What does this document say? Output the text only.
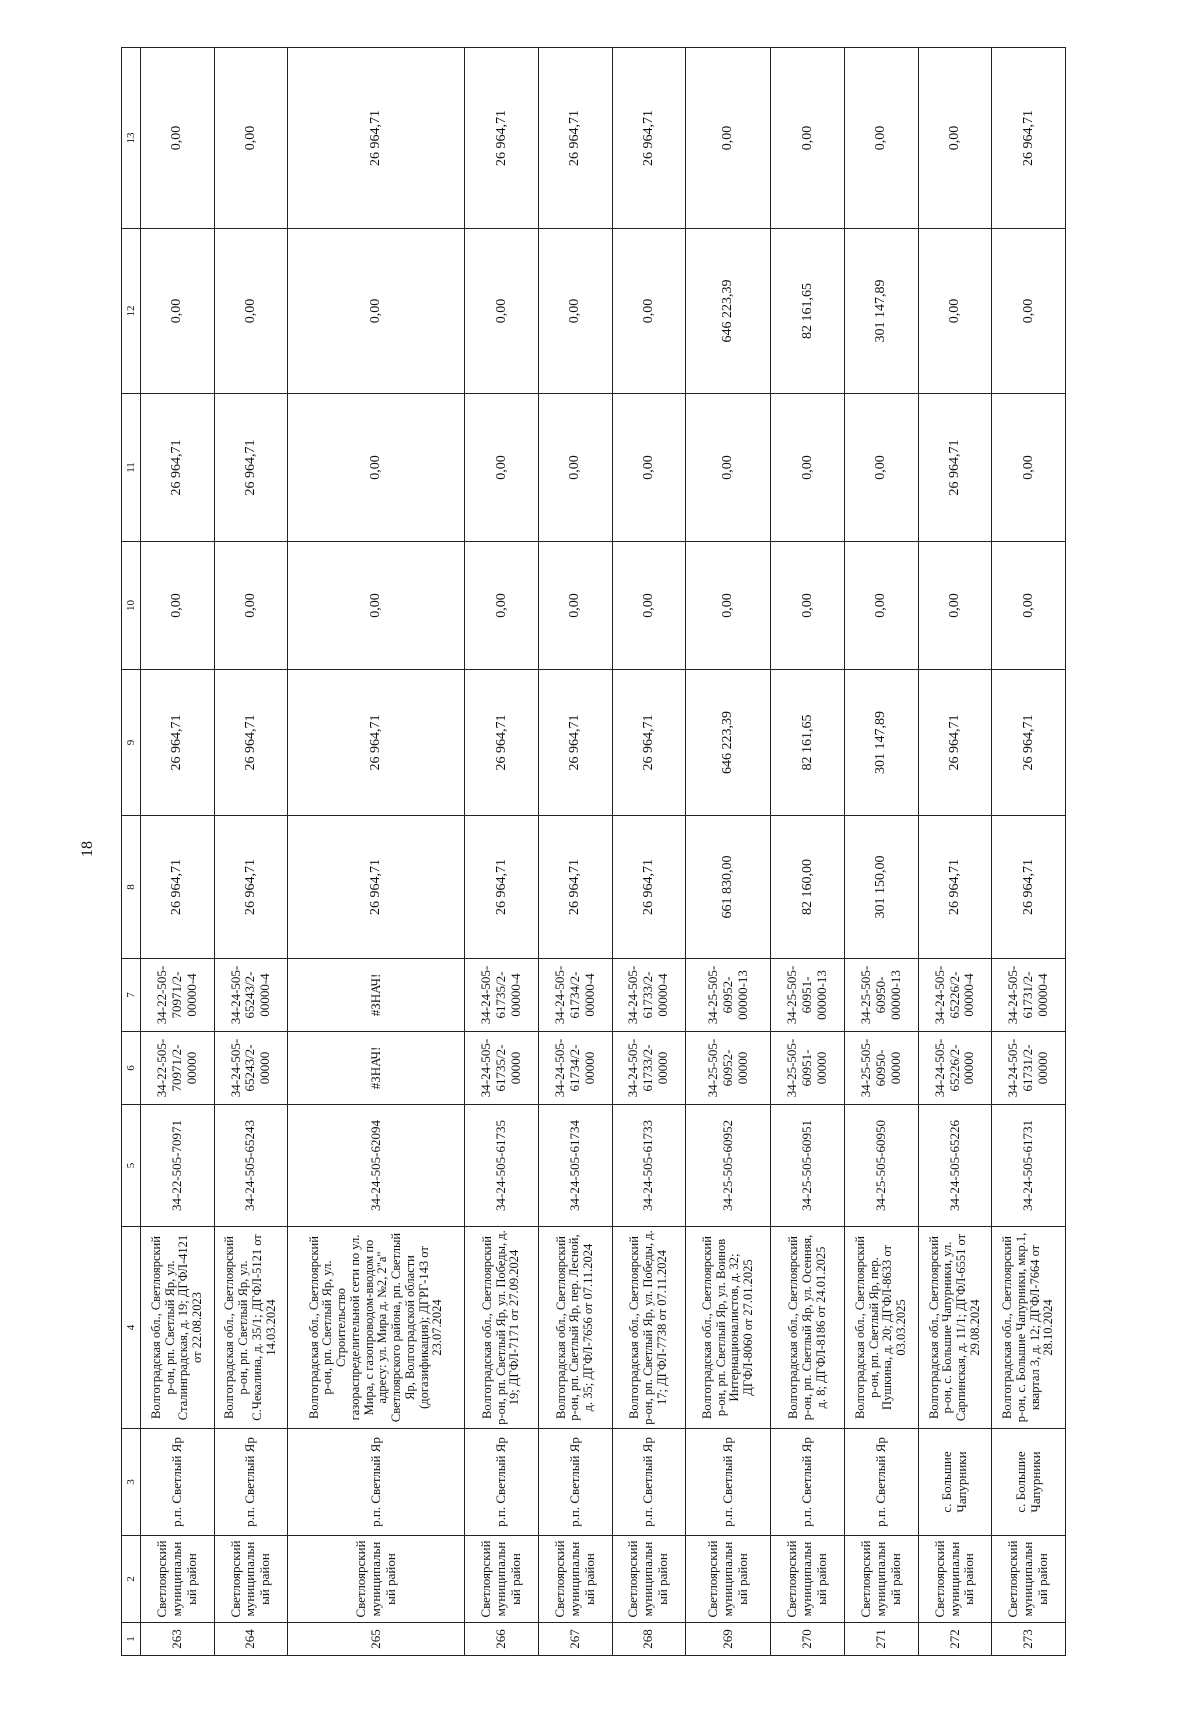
18
1	2	3	4	5	6	7	8	9	10	11	12	13
263	Светлоярский муниципальный район	р.п. Светлый Яр	Волгоградская обл., Светлоярский р-он, рп. Светлый Яр, ул. Сталинградская, д. 19; ДГФЛ-4121 от 22.08.2023	34-22-505-70971	34-22-505-70971/2-00000	34-22-505-70971/2-00000-4	26 964,71	26 964,71	0,00	26 964,71	0,00	0,00
264	Светлоярский муниципальный район	р.п. Светлый Яр	Волгоградская обл., Светлоярский р-он, рп. Светлый Яр, ул. С.Чекалина, д. 35/1; ДГФЛ-5121 от 14.03.2024	34-24-505-65243	34-24-505-65243/2-00000	34-24-505-65243/2-00000-4	26 964,71	26 964,71	0,00	26 964,71	0,00	0,00
265	Светлоярский муниципальный район	р.п. Светлый Яр	Волгоградская обл., Светлоярский р-он, рп. Светлый Яр, ул. Строительство газораспределительной сети по ул. Мира, с газопроводом-вводом по адресу: ул. Мира д. №2, 2"а" Светлоярского района, рп. Светлый Яр, Волгоградской области (догазификация); ДГРГ-143 от 23.07.2024	34-24-505-62094	#ЗНАЧ!	#ЗНАЧ!	26 964,71	26 964,71	0,00	0,00	0,00	26 964,71
266	Светлоярский муниципальный район	р.п. Светлый Яр	Волгоградская обл., Светлоярский р-он, рп. Светлый Яр, ул. Победы, д. 19; ДГФЛ-7171 от 27.09.2024	34-24-505-61735	34-24-505-61735/2-00000	34-24-505-61735/2-00000-4	26 964,71	26 964,71	0,00	0,00	0,00	26 964,71
267	Светлоярский муниципальный район	р.п. Светлый Яр	Волгоградская обл., Светлоярский р-он, рп. Светлый Яр, пер. Лесной, д. 35; ДГФЛ-7656 от 07.11.2024	34-24-505-61734	34-24-505-61734/2-00000	34-24-505-61734/2-00000-4	26 964,71	26 964,71	0,00	0,00	0,00	26 964,71
268	Светлоярский муниципальный район	р.п. Светлый Яр	Волгоградская обл., Светлоярский р-он, рп. Светлый Яр, ул. Победы, д. 17; ДГФЛ-7738 от 07.11.2024	34-24-505-61733	34-24-505-61733/2-00000	34-24-505-61733/2-00000-4	26 964,71	26 964,71	0,00	0,00	0,00	26 964,71
269	Светлоярский муниципальный район	р.п. Светлый Яр	Волгоградская обл., Светлоярский р-он, рп. Светлый Яр, ул. Воинов Интернационалистов, д. 32; ДГФЛ-8060 от 27.01.2025	34-25-505-60952	34-25-505-60952-00000	34-25-505-60952-00000-13	661 830,00	646 223,39	0,00	0,00	646 223,39	0,00
270	Светлоярский муниципальный район	р.п. Светлый Яр	Волгоградская обл., Светлоярский р-он, рп. Светлый Яр, ул. Осенняя, д. 8; ДГФЛ-8186 от 24.01.2025	34-25-505-60951	34-25-505-60951-00000	34-25-505-60951-00000-13	82 160,00	82 161,65	0,00	0,00	82 161,65	0,00
271	Светлоярский муниципальный район	р.п. Светлый Яр	Волгоградская обл., Светлоярский р-он, рп. Светлый Яр, пер. Пушкина, д. 20; ДГФЛ-8633 от 03.03.2025	34-25-505-60950	34-25-505-60950-00000	34-25-505-60950-00000-13	301 150,00	301 147,89	0,00	0,00	301 147,89	0,00
272	Светлоярский муниципальный район	с. Большие Чапурники	Волгоградская обл., Светлоярский р-он, с. Большие Чапурники, ул. Сарпинская, д. 11/1; ДГФЛ-6551 от 29.08.2024	34-24-505-65226	34-24-505-65226/2-00000	34-24-505-65226/2-00000-4	26 964,71	26 964,71	0,00	26 964,71	0,00	0,00
273	Светлоярский муниципальный район	с. Большие Чапурники	Волгоградская обл., Светлоярский р-он, с. Большие Чапурники, мкр.1, квартал 3, д. 12; ДГФЛ-7664 от 28.10.2024	34-24-505-61731	34-24-505-61731/2-00000	34-24-505-61731/2-00000-4	26 964,71	26 964,71	0,00	0,00	0,00	26 964,71
